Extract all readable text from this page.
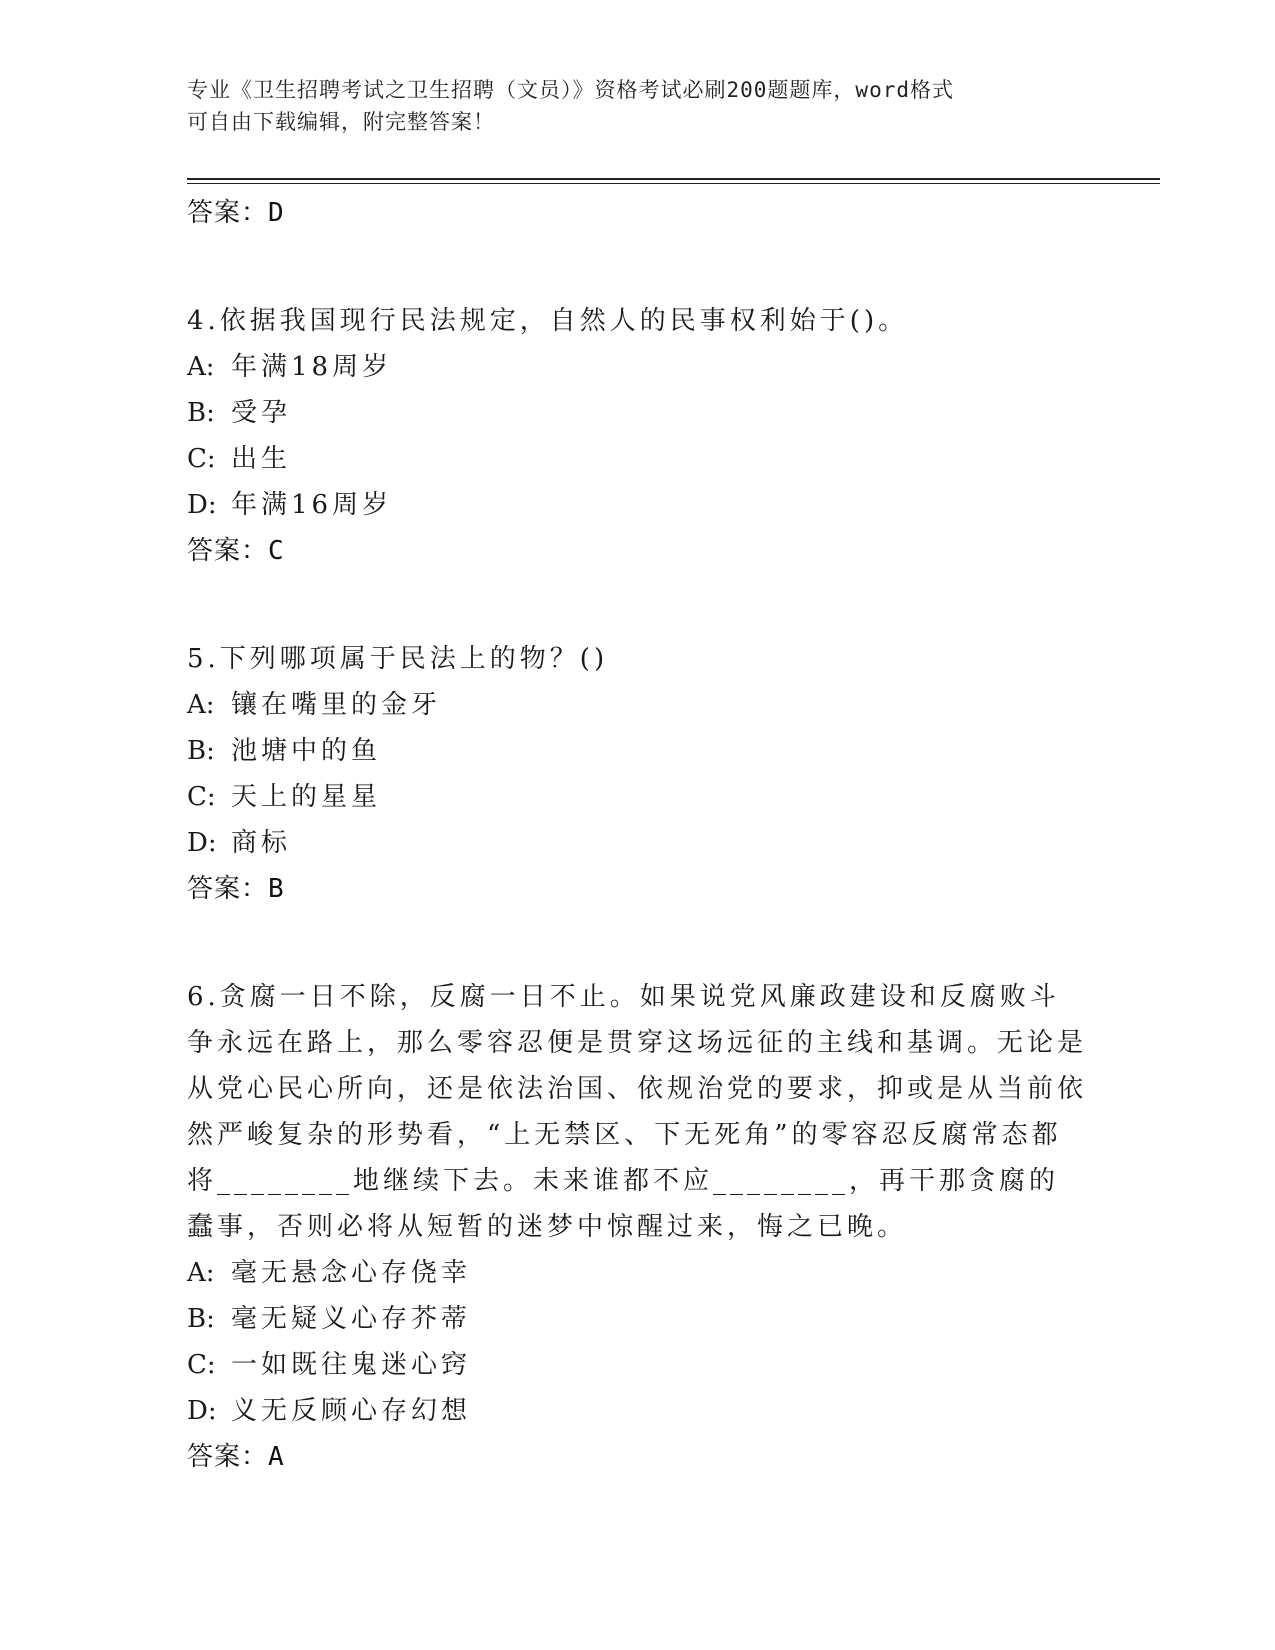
专业《卫生招聘考试之卫生招聘（文员）》资格考试必刷200题题库，word格式
可自由下载编辑，附完整答案！
答案：D
4.依据我国现行民法规定，自然人的民事权利始于()。
A: 年满18周岁
B: 受孕
C: 出生
D: 年满16周岁
答案：C
5.下列哪项属于民法上的物？()
A: 镶在嘴里的金牙
B: 池塘中的鱼
C: 天上的星星
D: 商标
答案：B
6.贪腐一日不除，反腐一日不止。如果说党风廉政建设和反腐败斗争永远在路上，那么零容忍便是贯穿这场远征的主线和基调。无论是从党心民心所向，还是依法治国、依规治党的要求，抑或是从当前依然严峻复杂的形势看，“上无禁区、下无死角”的零容忍反腐常态都将________地继续下去。未来谁都不应________，再干那贪腐的蠢事，否则必将从短暂的迷梦中惊醒过来，悔之已晚。
A: 毫无悬念心存侥幸
B: 毫无疑义心存芥蒂
C: 一如既往鬼迷心窍
D: 义无反顾心存幻想
答案：A
